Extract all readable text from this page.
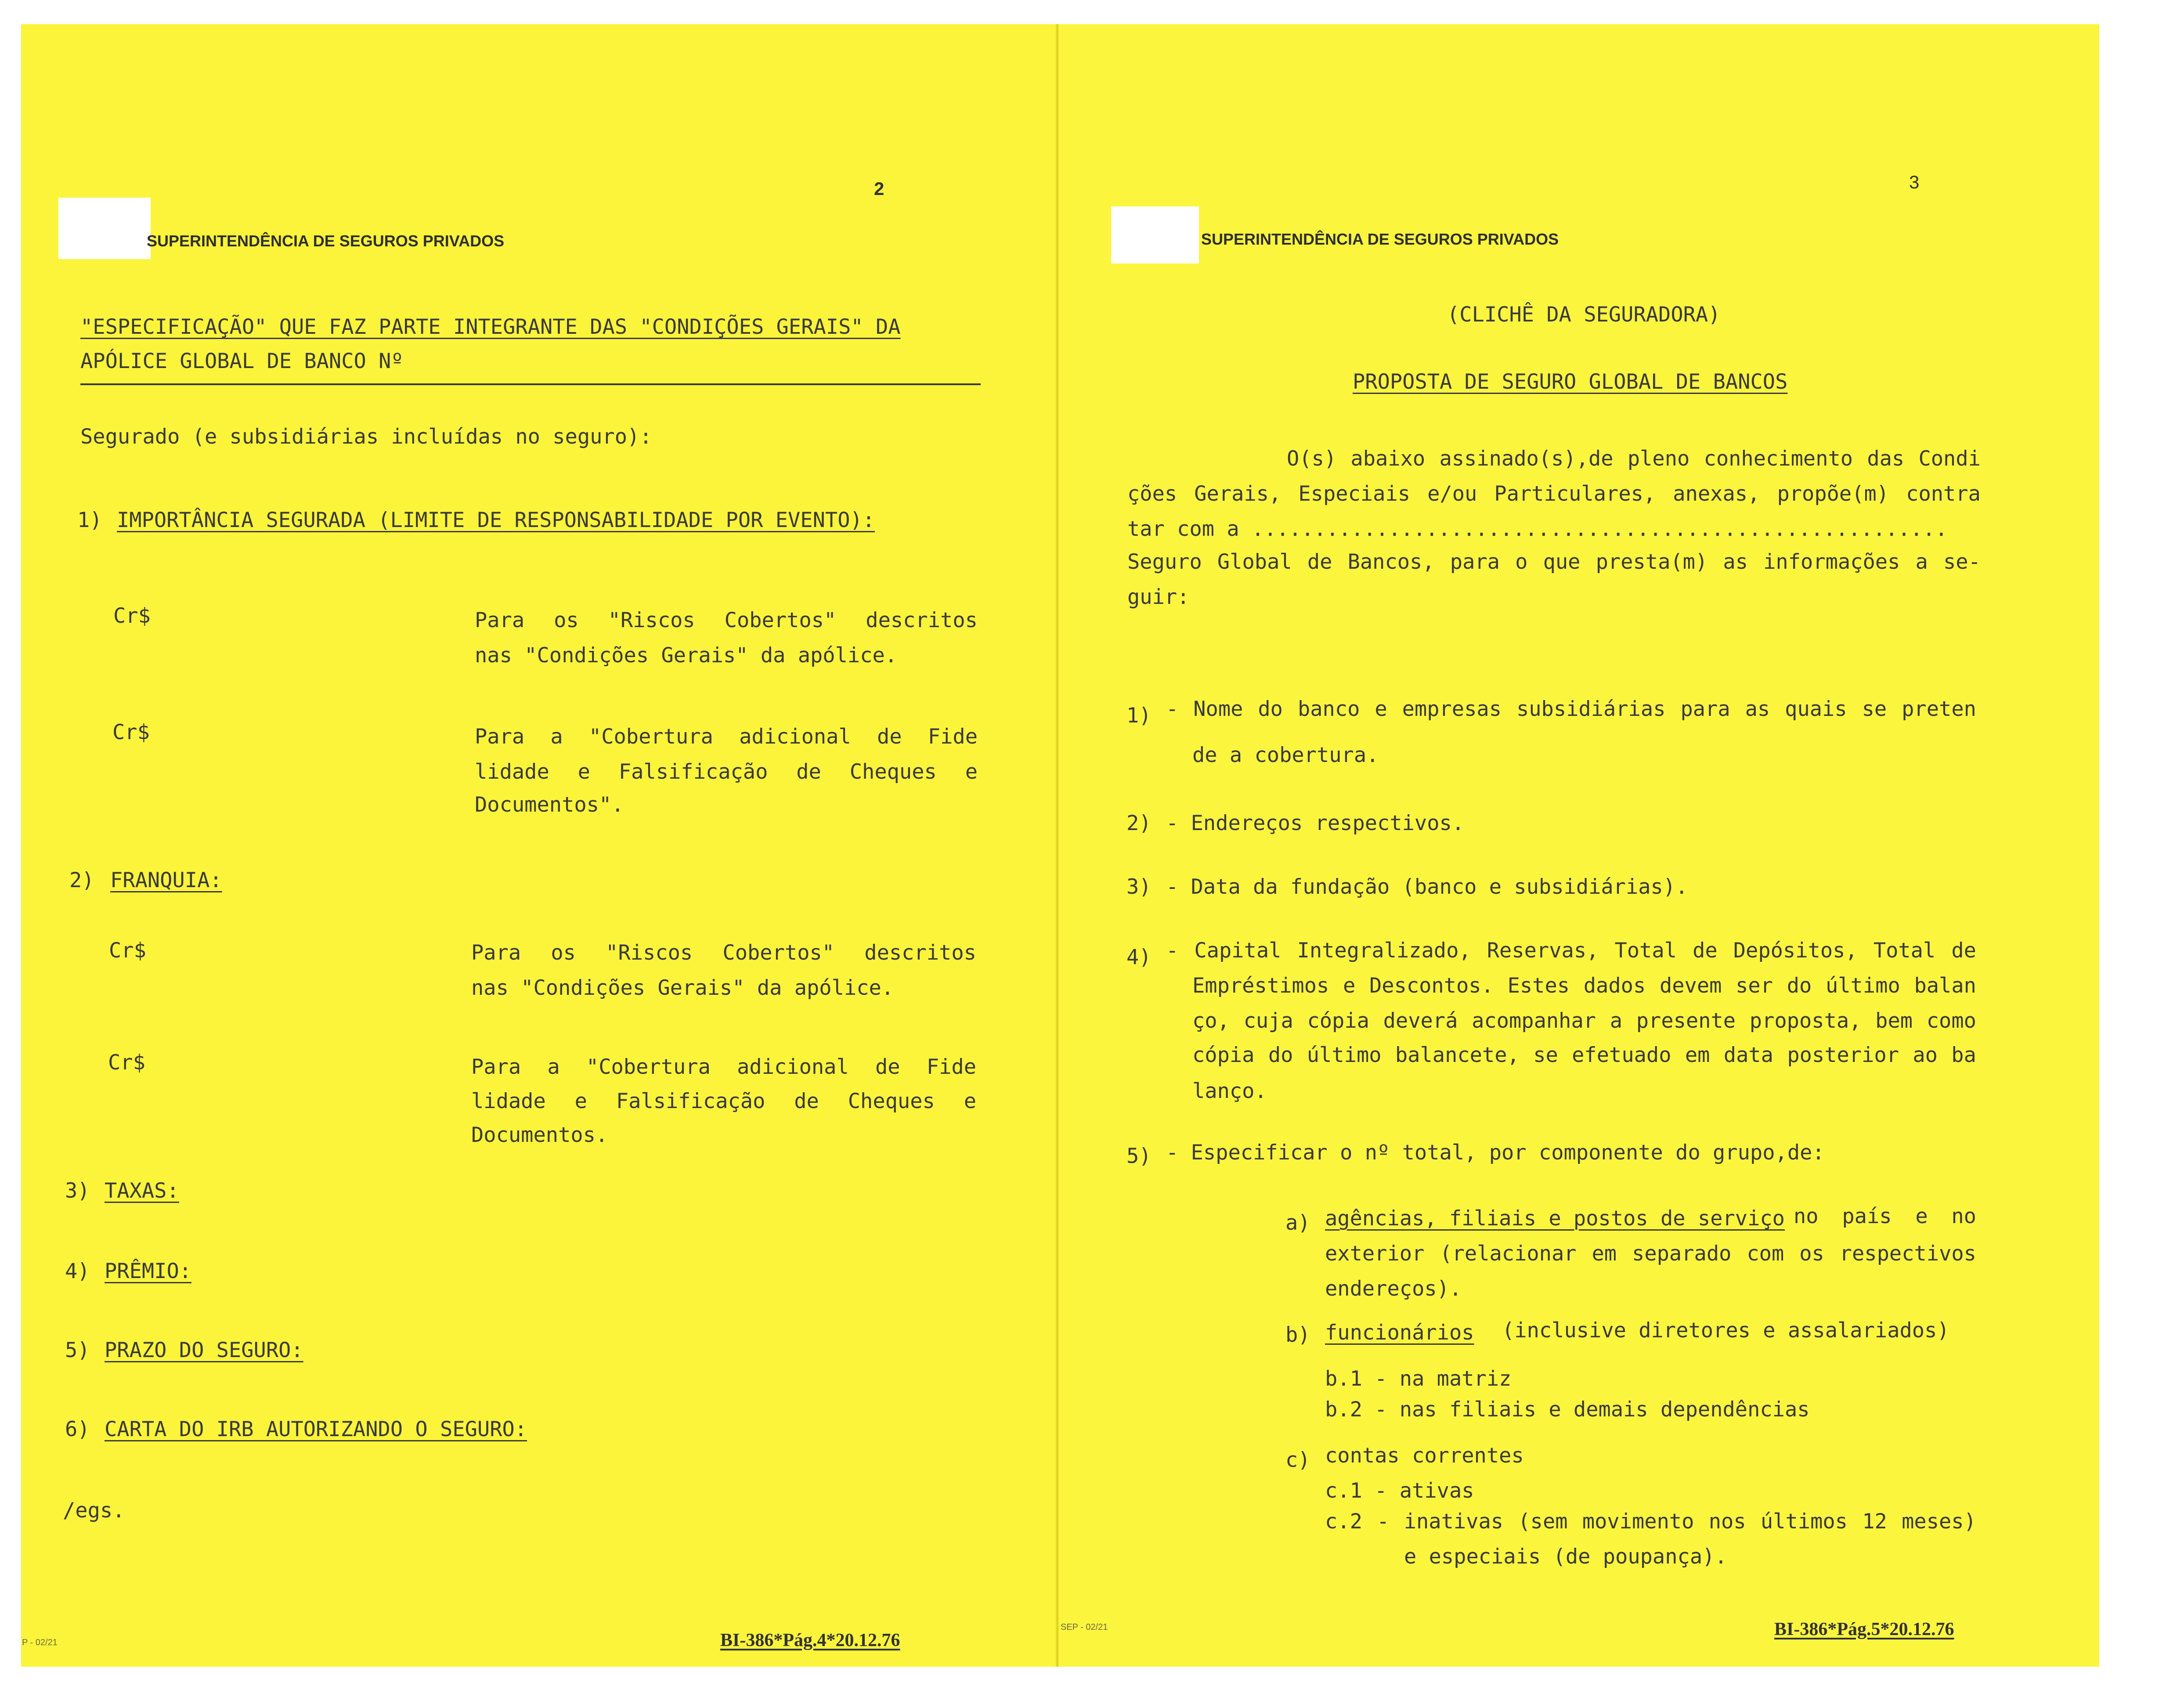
2
SUPERINTENDÊNCIA DE SEGUROS PRIVADOS
"ESPECIFICAÇÃO" QUE FAZ PARTE INTEGRANTE DAS "CONDIÇÕES GERAIS" DA
APÓLICE GLOBAL DE BANCO Nº
Segurado (e subsidiárias incluídas no seguro):
1) IMPORTÂNCIA SEGURADA (LIMITE DE RESPONSABILIDADE POR EVENTO):
Cr$	Para os "Riscos Cobertos" descritos
nas "Condições Gerais" da apólice.
Cr$	Para a "Cobertura adicional de Fide
lidade e Falsificação de Cheques e
Documentos".
2) FRANQUIA:
Cr$	Para os "Riscos Cobertos" descritos
nas "Condições Gerais" da apólice.
Cr$	Para a "Cobertura adicional de Fide
lidade e Falsificação de Cheques e
Documentos.
3) TAXAS:
4) PRÊMIO:
5) PRAZO DO SEGURO:
6) CARTA DO IRB AUTORIZANDO O SEGURO:
/egs.
P - 02/21	BI-386*Pág.4*20.12.76
3
SUPERINTENDÊNCIA DE SEGUROS PRIVADOS
(CLICHÊ DA SEGURADORA)
PROPOSTA DE SEGURO GLOBAL DE BANCOS
O(s) abaixo assinado(s),de pleno conhecimento das Condi
ções Gerais, Especiais e/ou Particulares, anexas, propõe(m) contra
tar com a ........................................................
Seguro Global de Bancos, para o que presta(m) as informações a se-
guir:
1) - Nome do banco e empresas subsidiárias para as quais se preten
de a cobertura.
2) - Endereços respectivos.
3) - Data da fundação (banco e subsidiárias).
4) - Capital Integralizado, Reservas, Total de Depósitos, Total de
Empréstimos e Descontos. Estes dados devem ser do último balan
ço, cuja cópia deverá acompanhar a presente proposta, bem como
cópia do último balancete, se efetuado em data posterior ao ba
lanço.
5) - Especificar o nº total, por componente do grupo,de:
a) agências, filiais e postos de serviço no país e no
exterior (relacionar em separado com os respectivos
endereços).
b) funcionários (inclusive diretores e assalariados)
b.1 - na matriz
b.2 - nas filiais e demais dependências
c) contas correntes
c.1 - ativas
c.2 - inativas (sem movimento nos últimos 12 meses)
e especiais (de poupança).
SEP - 02/21	BI-386*Pág.5*20.12.76
